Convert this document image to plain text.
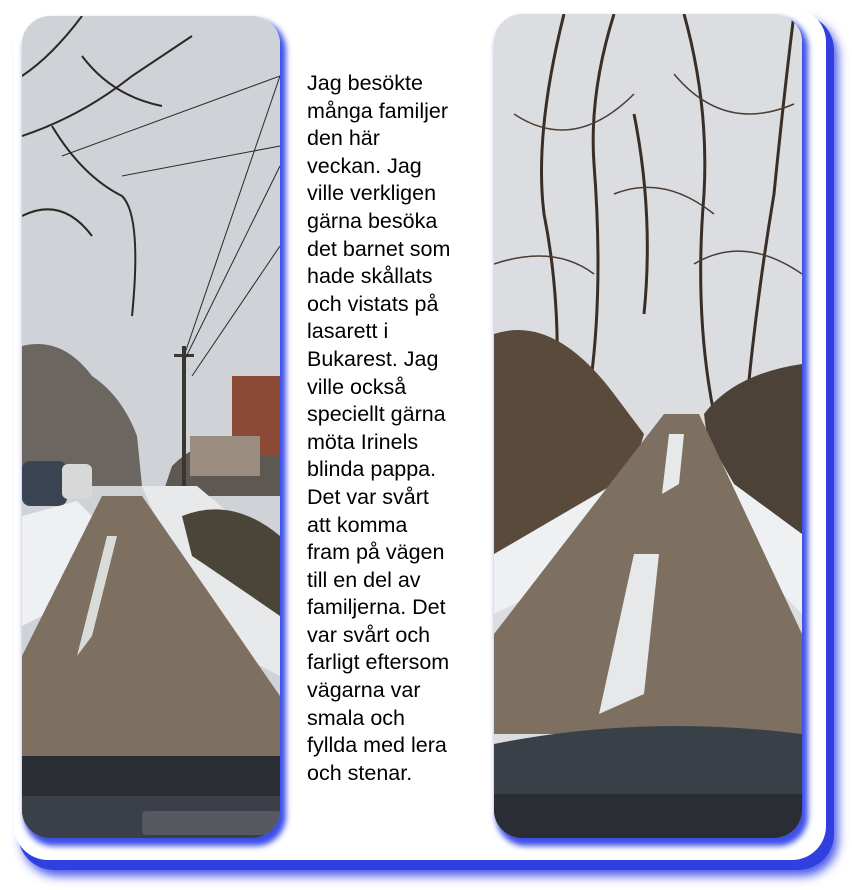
Jag besökte
många familjer
den här
veckan. Jag
ville verkligen
gärna besöka
det barnet som
hade skållats
och vistats på
lasarett i
Bukarest. Jag
ville också
speciellt gärna
möta Irinels
blinda pappa.
Det var svårt
att komma
fram på vägen
till en del av
familjerna. Det
var svårt och
farligt eftersom
vägarna var
smala och
fyllda med lera
och stenar.
